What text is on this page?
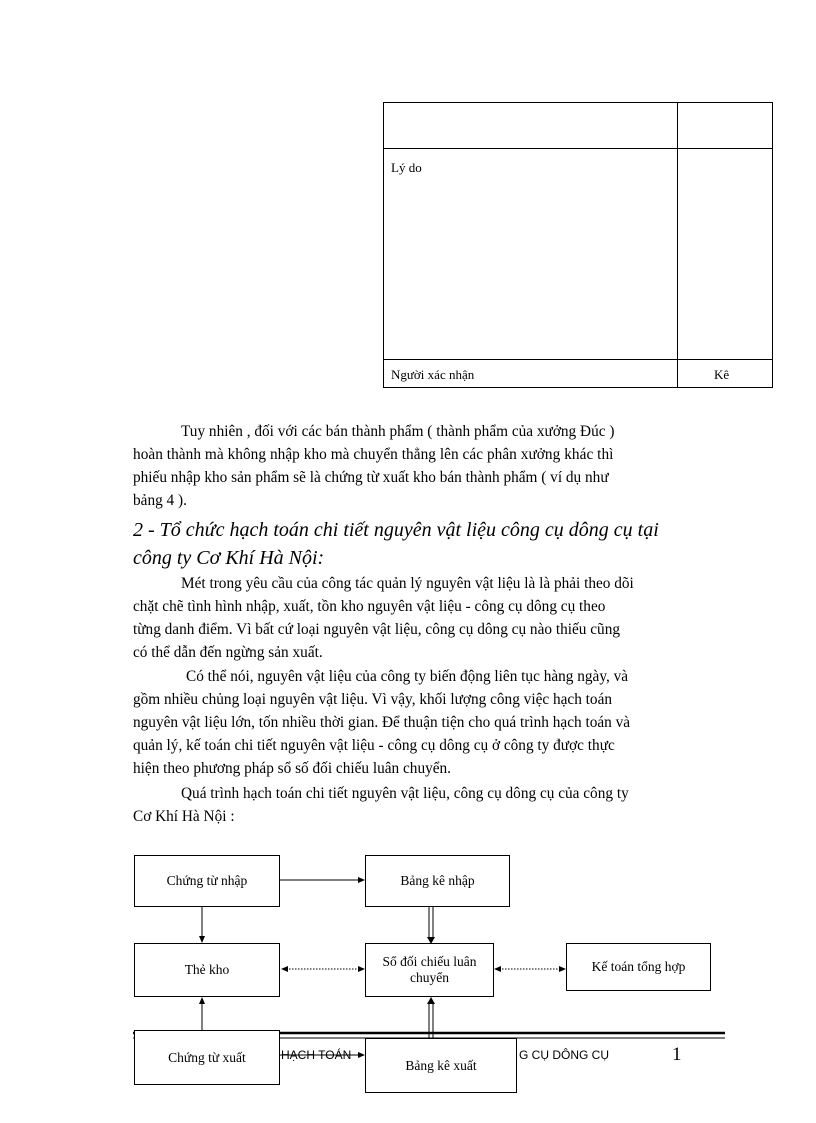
Lý do
Người xác nhận	Kê
Tuy nhiên , đối với các bán thành phẩm ( thành phẩm của xưởng Đúc )
hoàn thành mà không nhập kho mà chuyển thẳng lên các phân xưởng khác thì
phiếu nhập kho sản phẩm sẽ là chứng từ xuất kho bán thành phẩm ( ví dụ như
bảng 4 ).
2 - Tổ chức hạch toán chi tiết nguyên vật liệu công cụ dông cụ tại
công ty Cơ Khí Hà Nội:
Mét trong yêu cầu của công tác quản lý nguyên vật liệu là là phải theo dõi
chặt chẽ tình hình nhập, xuất, tồn kho nguyên vật liệu - công cụ dông cụ theo
từng danh điểm. Vì bất cứ loại nguyên vật liệu, công cụ dông cụ nào thiếu cũng
có thể dẫn đến ngừng sản xuất.
Có thể nói, nguyên vật liệu của công ty biến động liên tục hàng ngày, và
gồm nhiều chủng loại nguyên vật liệu. Vì vậy, khối lượng công việc hạch toán
nguyên vật liệu lớn, tốn nhiều thời gian. Để thuận tiện cho quá trình hạch toán và
quản lý, kế toán chi tiết nguyên vật liệu - công cụ dông cụ ở công ty được thực
hiện theo phương pháp sổ số đối chiếu luân chuyển.
Quá trình hạch toán chi tiết nguyên vật liệu, công cụ dông cụ của công ty
Cơ Khí Hà Nội :
HẠCH TOÁN	G CỤ DÔNG CỤ	1
Chứng từ nhập	Bảng kê nhập
Thẻ kho
Sổ đối chiếu luân chuyển
Kế toán tổng hợp
Chứng từ xuất
Bảng kê xuất
